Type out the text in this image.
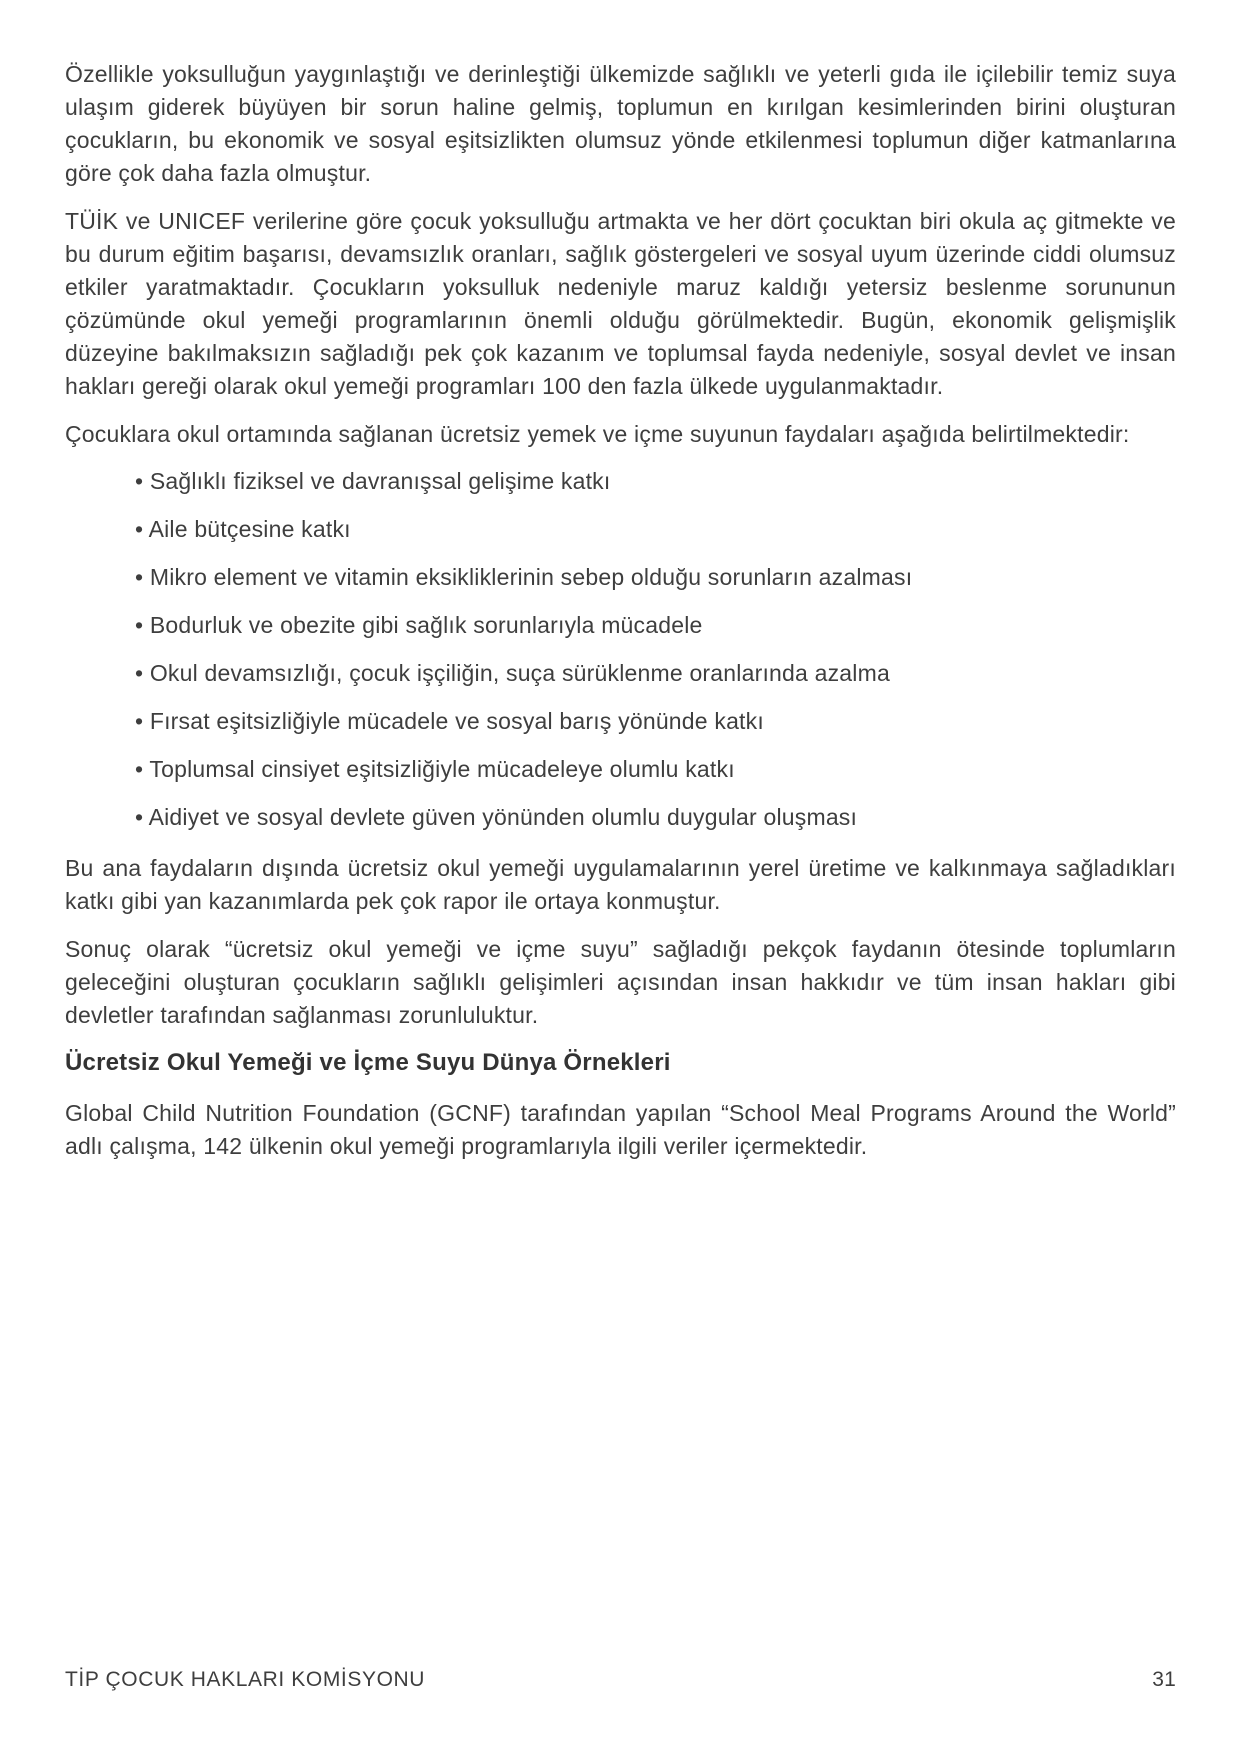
Özellikle yoksulluğun yaygınlaştığı ve derinleştiği ülkemizde sağlıklı ve yeterli gıda ile içilebilir temiz suya ulaşım giderek büyüyen bir sorun haline gelmiş, toplumun en kırılgan kesimlerinden birini oluşturan çocukların, bu ekonomik ve sosyal eşitsizlikten olumsuz yönde etkilenmesi toplumun diğer katmanlarına göre çok daha fazla olmuştur.

TÜİK ve UNICEF verilerine göre çocuk yoksulluğu artmakta ve her dört çocuktan biri okula aç gitmekte ve bu durum eğitim başarısı, devamsızlık oranları, sağlık göstergeleri ve sosyal uyum üzerinde ciddi olumsuz etkiler yaratmaktadır. Çocukların yoksulluk nedeniyle maruz kaldığı yetersiz beslenme sorununun çözümünde okul yemeği programlarının önemli olduğu görülmektedir. Bugün, ekonomik gelişmişlik düzeyine bakılmaksızın sağladığı pek çok kazanım ve toplumsal fayda nedeniyle, sosyal devlet ve insan hakları gereği olarak okul yemeği programları 100 den fazla ülkede uygulanmaktadır.

Çocuklara okul ortamında sağlanan ücretsiz yemek ve içme suyunun faydaları aşağıda belirtilmektedir:

• Sağlıklı fiziksel ve davranışsal gelişime katkı

• Aile bütçesine katkı

• Mikro element ve vitamin eksikliklerinin sebep olduğu sorunların azalması

• Bodurluk ve obezite gibi sağlık sorunlarıyla mücadele

• Okul devamsızlığı, çocuk işçiliğin, suça sürüklenme oranlarında azalma

• Fırsat eşitsizliğiyle mücadele ve sosyal barış yönünde katkı

• Toplumsal cinsiyet eşitsizliğiyle mücadeleye olumlu katkı

• Aidiyet ve sosyal devlete güven yönünden olumlu duygular oluşması

Bu ana faydaların dışında ücretsiz okul yemeği uygulamalarının yerel üretime ve kalkınmaya sağladıkları katkı gibi yan kazanımlarda pek çok rapor ile ortaya konmuştur.

Sonuç olarak “ücretsiz okul yemeği ve içme suyu” sağladığı pekçok faydanın ötesinde toplumların geleceğini oluşturan çocukların sağlıklı gelişimleri açısından insan hakkıdır ve tüm insan hakları gibi devletler tarafından sağlanması zorunluluktur.

Ücretsiz Okul Yemeği ve İçme Suyu Dünya Örnekleri

Global Child Nutrition Foundation (GCNF) tarafından yapılan “School Meal Programs Around the World” adlı çalışma, 142 ülkenin okul yemeği programlarıyla ilgili veriler içermektedir.

TİP ÇOCUK HAKLARI KOMİSYONU	31
